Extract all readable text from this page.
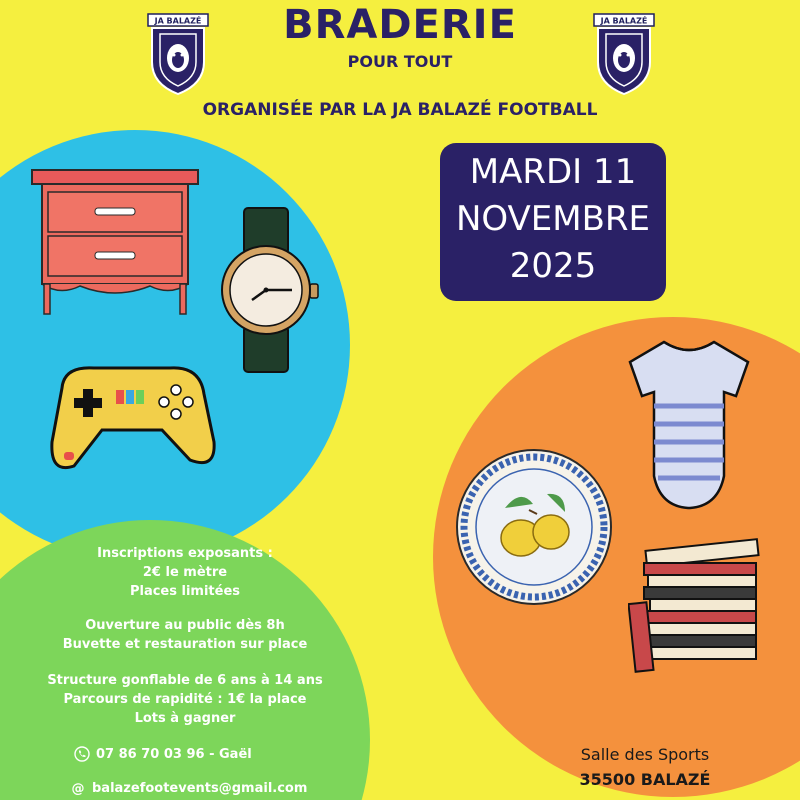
JA BALAZÉ	JA BALAZÉ
BRADERIE
POUR TOUT
ORGANISÉE PAR LA JA BALAZÉ FOOTBALL
MARDI 11
NOVEMBRE
2025
Inscriptions exposants :
2€ le mètre
Places limitées
Ouverture au public dès 8h
Buvette et restauration sur place
Structure gonflable de 6 ans à 14 ans
Parcours de rapidité : 1€ la place
Lots à gagner
07 86 70 03 96 - Gaël
@ balazefootevents@gmail.com
Salle des Sports
35500 BALAZÉ
